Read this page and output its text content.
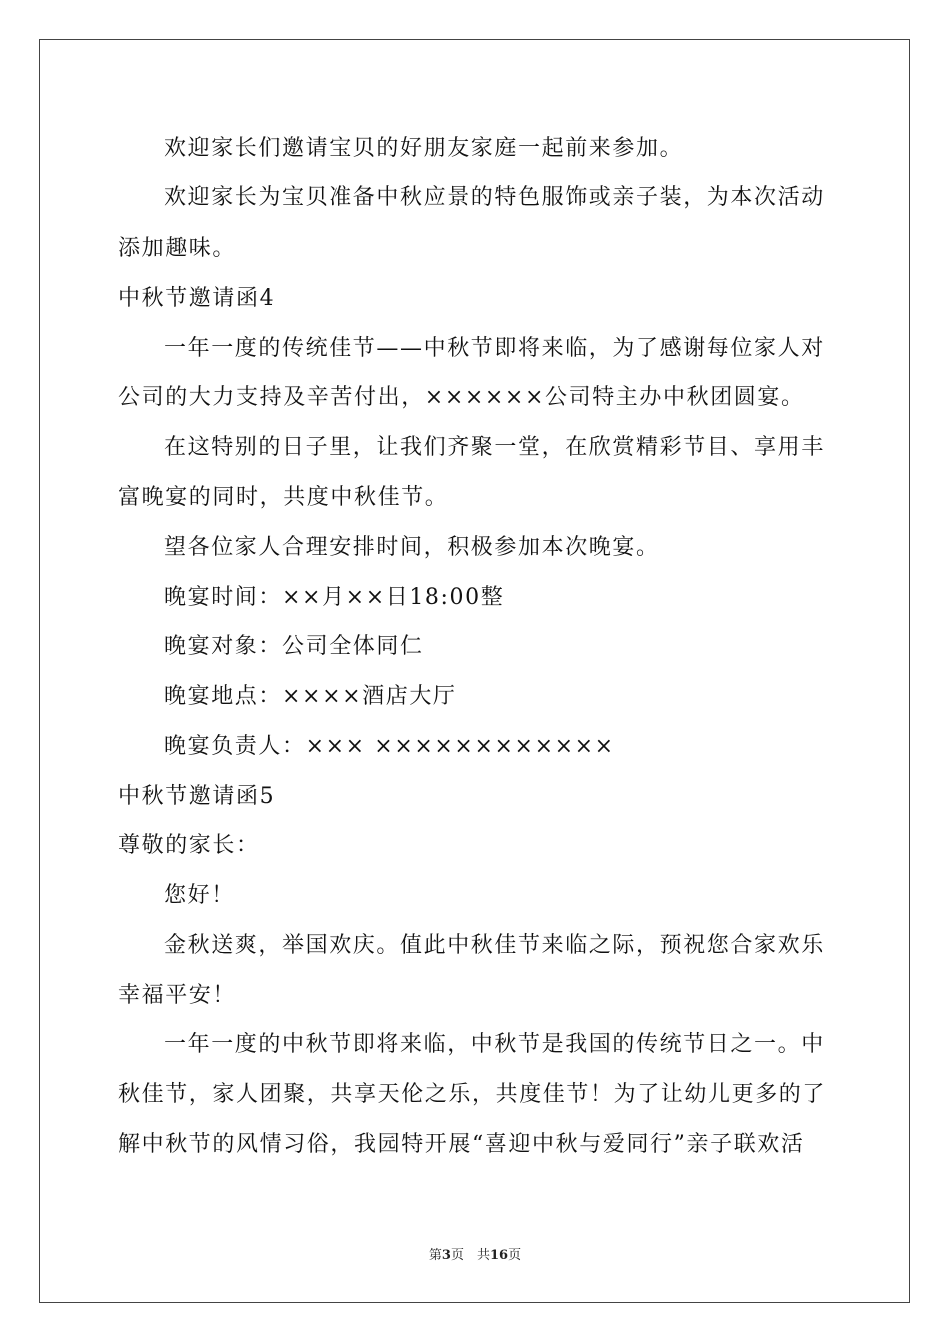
欢迎家长们邀请宝贝的好朋友家庭一起前来参加。
欢迎家长为宝贝准备中秋应景的特色服饰或亲子装，为本次活动
添加趣味。
中秋节邀请函4
一年一度的传统佳节——中秋节即将来临，为了感谢每位家人对
公司的大力支持及辛苦付出，××××××公司特主办中秋团圆宴。
在这特别的日子里，让我们齐聚一堂，在欣赏精彩节目、享用丰
富晚宴的同时，共度中秋佳节。
望各位家人合理安排时间，积极参加本次晚宴。
晚宴时间：××月××日18:00整
晚宴对象：公司全体同仁
晚宴地点：××××酒店大厅
晚宴负责人：××× ××××××××××××
中秋节邀请函5
尊敬的家长：
您好！
金秋送爽，举国欢庆。值此中秋佳节来临之际，预祝您合家欢乐
幸福平安！
一年一度的中秋节即将来临，中秋节是我国的传统节日之一。中
秋佳节，家人团聚，共享天伦之乐，共度佳节！为了让幼儿更多的了
解中秋节的风情习俗，我园特开展“喜迎中秋与爱同行”亲子联欢活
第3页　共16页
